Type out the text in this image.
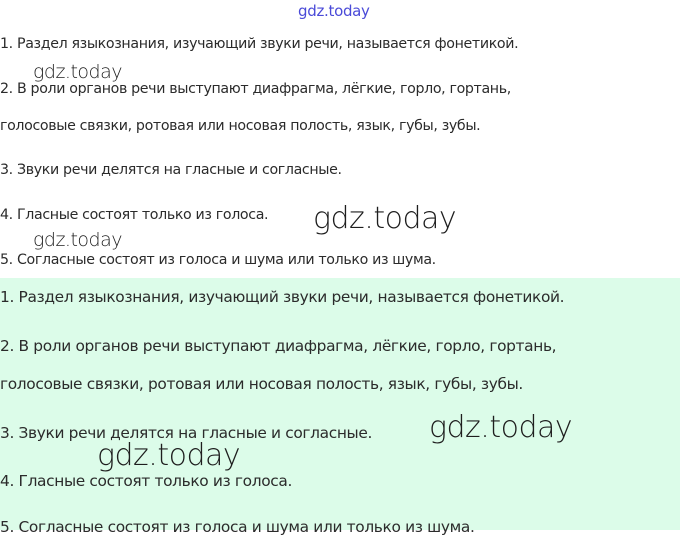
gdz.today
1. Раздел языкознания, изучающий звуки речи, называется фонетикой.
2. В роли органов речи выступают диафрагма, лёгкие, горло, гортань,
голосовые связки, ротовая или носовая полость, язык, губы, зубы.
3. Звуки речи делятся на гласные и согласные.
4. Гласные состоят только из голоса.
5. Согласные состоят из голоса и шума или только из шума.
1. Раздел языкознания, изучающий звуки речи, называется фонетикой.
2. В роли органов речи выступают диафрагма, лёгкие, горло, гортань,
голосовые связки, ротовая или носовая полость, язык, губы, зубы.
3. Звуки речи делятся на гласные и согласные.
4. Гласные состоят только из голоса.
5. Согласные состоят из голоса и шума или только из шума.
gdz.today
gdz.today
gdz.today
gdz.today
gdz.today
